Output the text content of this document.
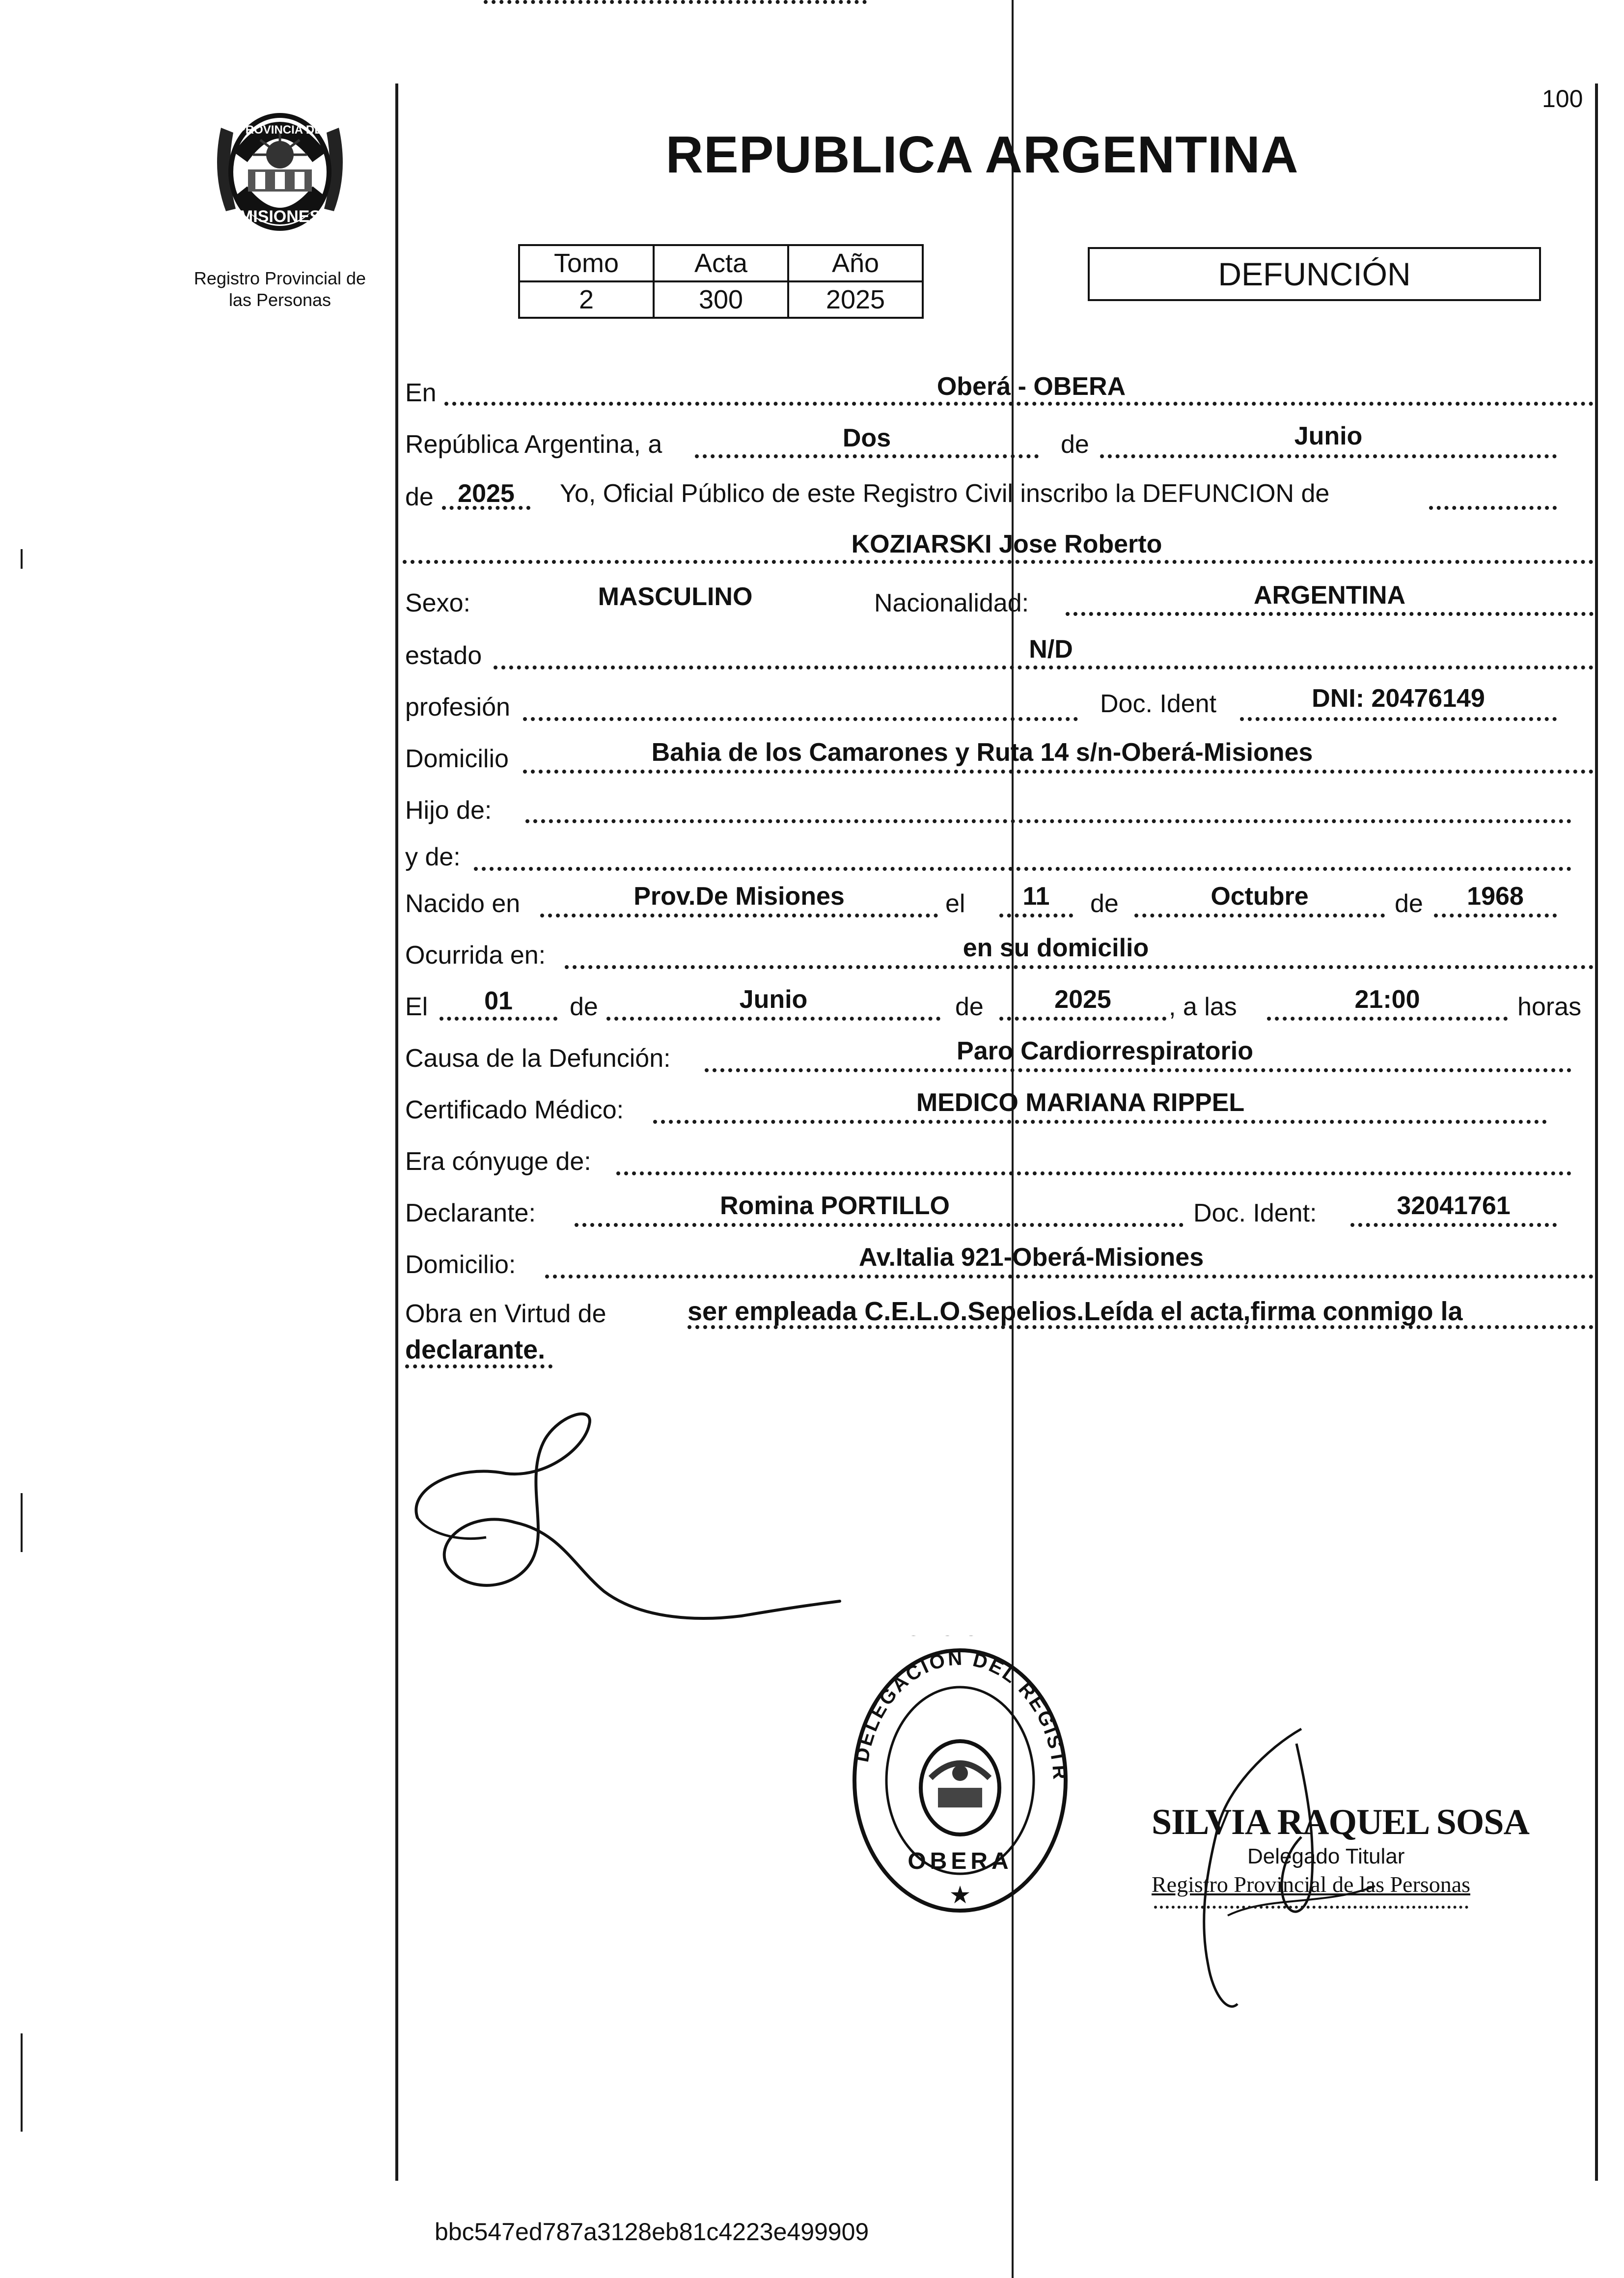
PROVINCIA DE
MISIONES
Registro Provincial de
las Personas
100
REPUBLICA ARGENTINA
Tomo	Acta	Año
2	300	2025
DEFUNCIÓN
En	Oberá - OBERA
República Argentina, a	Dos	de	Junio
de 2025	Yo, Oficial Público de este Registro Civil inscribo la DEFUNCION de
KOZIARSKI Jose Roberto
Sexo:	MASCULINO	Nacionalidad:	ARGENTINA
estado	N/D
profesión	Doc. Ident	DNI: 20476149
Domicilio	Bahia de los Camarones y Ruta 14 s/n-Oberá-Misiones
Hijo de:
y de:
Nacido en	Prov.De Misiones	el	11	de	Octubre	de	1968
Ocurrida en:	en su domicilio
El	01	de	Junio	de	2025	, a las	21:00	horas
Causa de la Defunción:	Paro Cardiorrespiratorio
Certificado Médico:	MEDICO MARIANA RIPPEL
Era cónyuge de:
Declarante:	Romina PORTILLO	Doc. Ident:	32041761
Domicilio:	Av.Italia 921-Oberá-Misiones
Obra en Virtud de	ser empleada C.E.L.O.Sepelios.Leída el acta,firma conmigo la
declarante.
DELEGACION DEL REGISTR
OBERA
★
SILVIA RAQUEL SOSA
Delegado Titular
Registro Provincial de las Personas
bbc547ed787a3128eb81c4223e499909
